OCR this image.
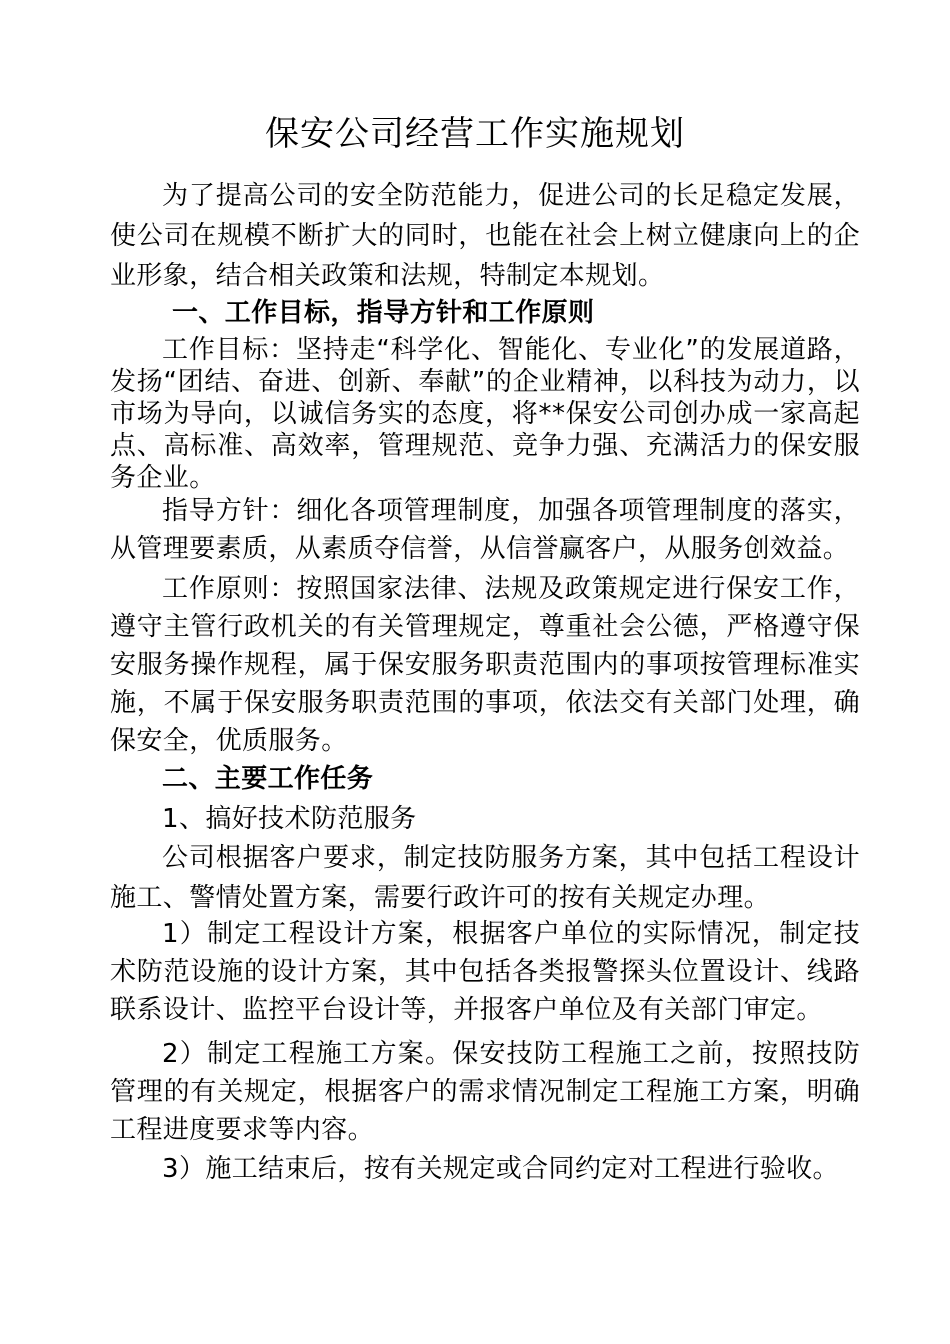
保安公司经营工作实施规划

为了提高公司的安全防范能力，促进公司的长足稳定发展，使公司在规模不断扩大的同时，也能在社会上树立健康向上的企业形象，结合相关政策和法规，特制定本规划。

一、工作目标，指导方针和工作原则

工作目标：坚持走“科学化、智能化、专业化”的发展道路，发扬“团结、奋进、创新、奉献”的企业精神，以科技为动力，以市场为导向，以诚信务实的态度，将**保安公司创办成一家高起点、高标准、高效率，管理规范、竞争力强、充满活力的保安服务企业。

指导方针：细化各项管理制度，加强各项管理制度的落实，从管理要素质，从素质夺信誉，从信誉赢客户，从服务创效益。

工作原则：按照国家法律、法规及政策规定进行保安工作，遵守主管行政机关的有关管理规定，尊重社会公德，严格遵守保安服务操作规程，属于保安服务职责范围内的事项按管理标准实施，不属于保安服务职责范围的事项，依法交有关部门处理，确保安全，优质服务。

二、主要工作任务

1、搞好技术防范服务

公司根据客户要求，制定技防服务方案，其中包括工程设计施工、警情处置方案，需要行政许可的按有关规定办理。

1）制定工程设计方案，根据客户单位的实际情况，制定技术防范设施的设计方案，其中包括各类报警探头位置设计、线路联系设计、监控平台设计等，并报客户单位及有关部门审定。

2）制定工程施工方案。保安技防工程施工之前，按照技防管理的有关规定，根据客户的需求情况制定工程施工方案，明确工程进度要求等内容。

3）施工结束后，按有关规定或合同约定对工程进行验收。
